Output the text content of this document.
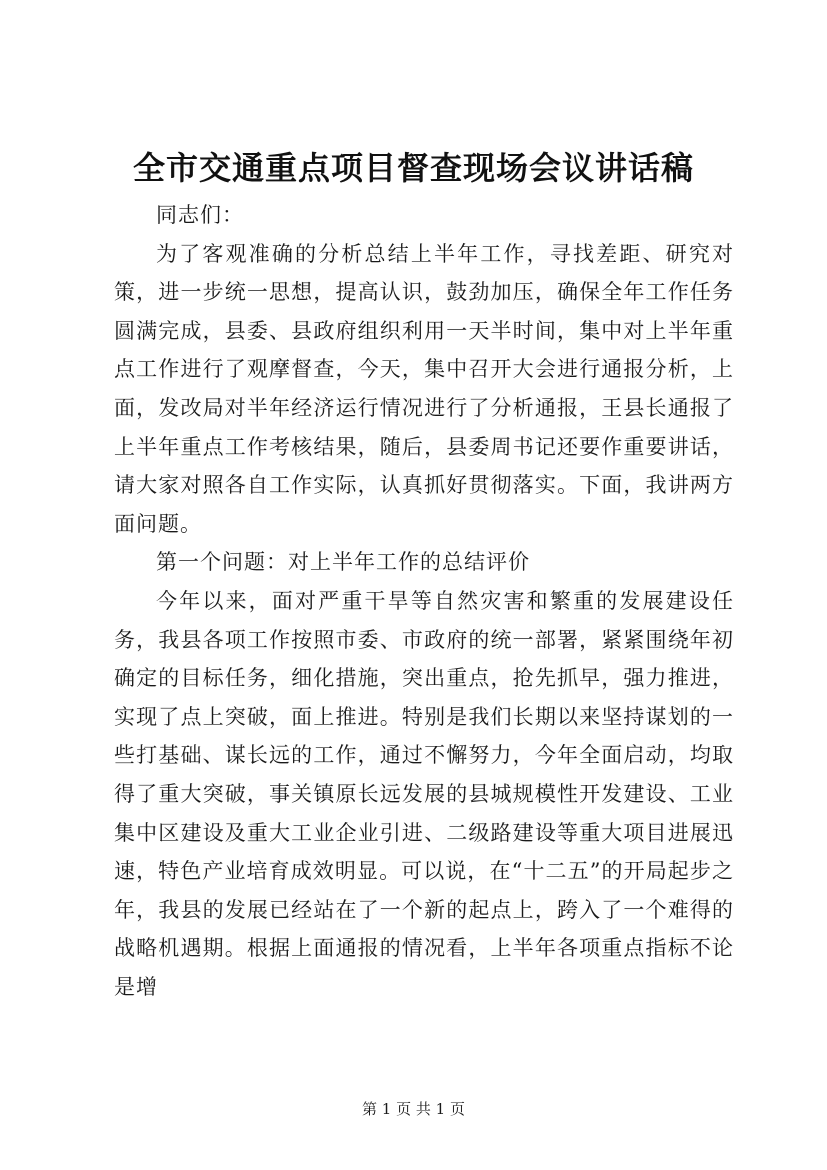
全市交通重点项目督查现场会议讲话稿

同志们：

为了客观准确的分析总结上半年工作，寻找差距、研究对策，进一步统一思想，提高认识，鼓劲加压，确保全年工作任务圆满完成，县委、县政府组织利用一天半时间，集中对上半年重点工作进行了观摩督查，今天，集中召开大会进行通报分析，上面，发改局对半年经济运行情况进行了分析通报，王县长通报了上半年重点工作考核结果，随后，县委周书记还要作重要讲话，请大家对照各自工作实际，认真抓好贯彻落实。下面，我讲两方面问题。

第一个问题：对上半年工作的总结评价

今年以来，面对严重干旱等自然灾害和繁重的发展建设任务，我县各项工作按照市委、市政府的统一部署，紧紧围绕年初确定的目标任务，细化措施，突出重点，抢先抓早，强力推进，实现了点上突破，面上推进。特别是我们长期以来坚持谋划的一些打基础、谋长远的工作，通过不懈努力，今年全面启动，均取得了重大突破，事关镇原长远发展的县城规模性开发建设、工业集中区建设及重大工业企业引进、二级路建设等重大项目进展迅速，特色产业培育成效明显。可以说，在“十二五”的开局起步之年，我县的发展已经站在了一个新的起点上，跨入了一个难得的战略机遇期。根据上面通报的情况看，上半年各项重点指标不论是增

第 1 页 共 1 页
